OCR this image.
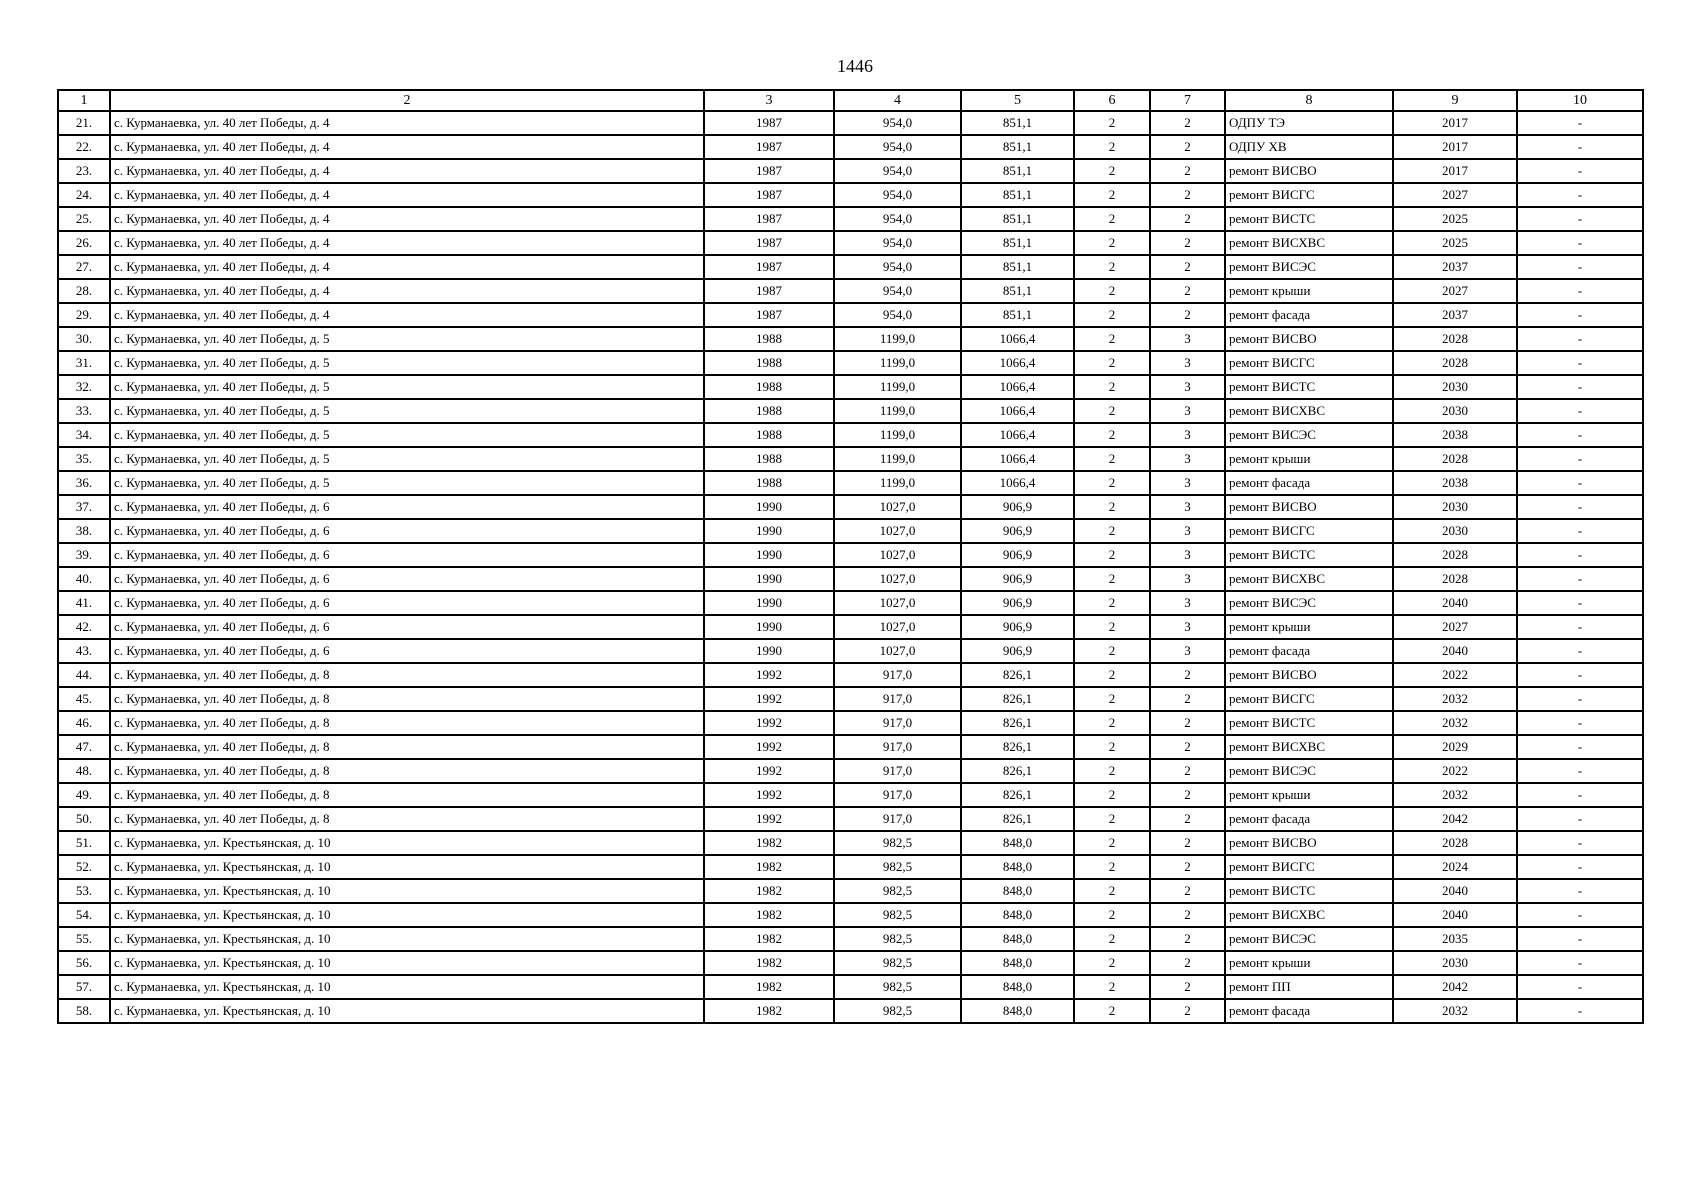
1446
1	2	3	4	5	6	7	8	9	10
21.	с. Курманаевка, ул. 40 лет Победы, д. 4	1987	954,0	851,1	2	2	ОДПУ ТЭ	2017	-
22.	с. Курманаевка, ул. 40 лет Победы, д. 4	1987	954,0	851,1	2	2	ОДПУ ХВ	2017	-
23.	с. Курманаевка, ул. 40 лет Победы, д. 4	1987	954,0	851,1	2	2	ремонт ВИСВО	2017	-
24.	с. Курманаевка, ул. 40 лет Победы, д. 4	1987	954,0	851,1	2	2	ремонт ВИСГС	2027	-
25.	с. Курманаевка, ул. 40 лет Победы, д. 4	1987	954,0	851,1	2	2	ремонт ВИСТС	2025	-
26.	с. Курманаевка, ул. 40 лет Победы, д. 4	1987	954,0	851,1	2	2	ремонт ВИСХВС	2025	-
27.	с. Курманаевка, ул. 40 лет Победы, д. 4	1987	954,0	851,1	2	2	ремонт ВИСЭС	2037	-
28.	с. Курманаевка, ул. 40 лет Победы, д. 4	1987	954,0	851,1	2	2	ремонт крыши	2027	-
29.	с. Курманаевка, ул. 40 лет Победы, д. 4	1987	954,0	851,1	2	2	ремонт фасада	2037	-
30.	с. Курманаевка, ул. 40 лет Победы, д. 5	1988	1199,0	1066,4	2	3	ремонт ВИСВО	2028	-
31.	с. Курманаевка, ул. 40 лет Победы, д. 5	1988	1199,0	1066,4	2	3	ремонт ВИСГС	2028	-
32.	с. Курманаевка, ул. 40 лет Победы, д. 5	1988	1199,0	1066,4	2	3	ремонт ВИСТС	2030	-
33.	с. Курманаевка, ул. 40 лет Победы, д. 5	1988	1199,0	1066,4	2	3	ремонт ВИСХВС	2030	-
34.	с. Курманаевка, ул. 40 лет Победы, д. 5	1988	1199,0	1066,4	2	3	ремонт ВИСЭС	2038	-
35.	с. Курманаевка, ул. 40 лет Победы, д. 5	1988	1199,0	1066,4	2	3	ремонт крыши	2028	-
36.	с. Курманаевка, ул. 40 лет Победы, д. 5	1988	1199,0	1066,4	2	3	ремонт фасада	2038	-
37.	с. Курманаевка, ул. 40 лет Победы, д. 6	1990	1027,0	906,9	2	3	ремонт ВИСВО	2030	-
38.	с. Курманаевка, ул. 40 лет Победы, д. 6	1990	1027,0	906,9	2	3	ремонт ВИСГС	2030	-
39.	с. Курманаевка, ул. 40 лет Победы, д. 6	1990	1027,0	906,9	2	3	ремонт ВИСТС	2028	-
40.	с. Курманаевка, ул. 40 лет Победы, д. 6	1990	1027,0	906,9	2	3	ремонт ВИСХВС	2028	-
41.	с. Курманаевка, ул. 40 лет Победы, д. 6	1990	1027,0	906,9	2	3	ремонт ВИСЭС	2040	-
42.	с. Курманаевка, ул. 40 лет Победы, д. 6	1990	1027,0	906,9	2	3	ремонт крыши	2027	-
43.	с. Курманаевка, ул. 40 лет Победы, д. 6	1990	1027,0	906,9	2	3	ремонт фасада	2040	-
44.	с. Курманаевка, ул. 40 лет Победы, д. 8	1992	917,0	826,1	2	2	ремонт ВИСВО	2022	-
45.	с. Курманаевка, ул. 40 лет Победы, д. 8	1992	917,0	826,1	2	2	ремонт ВИСГС	2032	-
46.	с. Курманаевка, ул. 40 лет Победы, д. 8	1992	917,0	826,1	2	2	ремонт ВИСТС	2032	-
47.	с. Курманаевка, ул. 40 лет Победы, д. 8	1992	917,0	826,1	2	2	ремонт ВИСХВС	2029	-
48.	с. Курманаевка, ул. 40 лет Победы, д. 8	1992	917,0	826,1	2	2	ремонт ВИСЭС	2022	-
49.	с. Курманаевка, ул. 40 лет Победы, д. 8	1992	917,0	826,1	2	2	ремонт крыши	2032	-
50.	с. Курманаевка, ул. 40 лет Победы, д. 8	1992	917,0	826,1	2	2	ремонт фасада	2042	-
51.	с. Курманаевка, ул. Крестьянская, д. 10	1982	982,5	848,0	2	2	ремонт ВИСВО	2028	-
52.	с. Курманаевка, ул. Крестьянская, д. 10	1982	982,5	848,0	2	2	ремонт ВИСГС	2024	-
53.	с. Курманаевка, ул. Крестьянская, д. 10	1982	982,5	848,0	2	2	ремонт ВИСТС	2040	-
54.	с. Курманаевка, ул. Крестьянская, д. 10	1982	982,5	848,0	2	2	ремонт ВИСХВС	2040	-
55.	с. Курманаевка, ул. Крестьянская, д. 10	1982	982,5	848,0	2	2	ремонт ВИСЭС	2035	-
56.	с. Курманаевка, ул. Крестьянская, д. 10	1982	982,5	848,0	2	2	ремонт крыши	2030	-
57.	с. Курманаевка, ул. Крестьянская, д. 10	1982	982,5	848,0	2	2	ремонт ПП	2042	-
58.	с. Курманаевка, ул. Крестьянская, д. 10	1982	982,5	848,0	2	2	ремонт фасада	2032	-
